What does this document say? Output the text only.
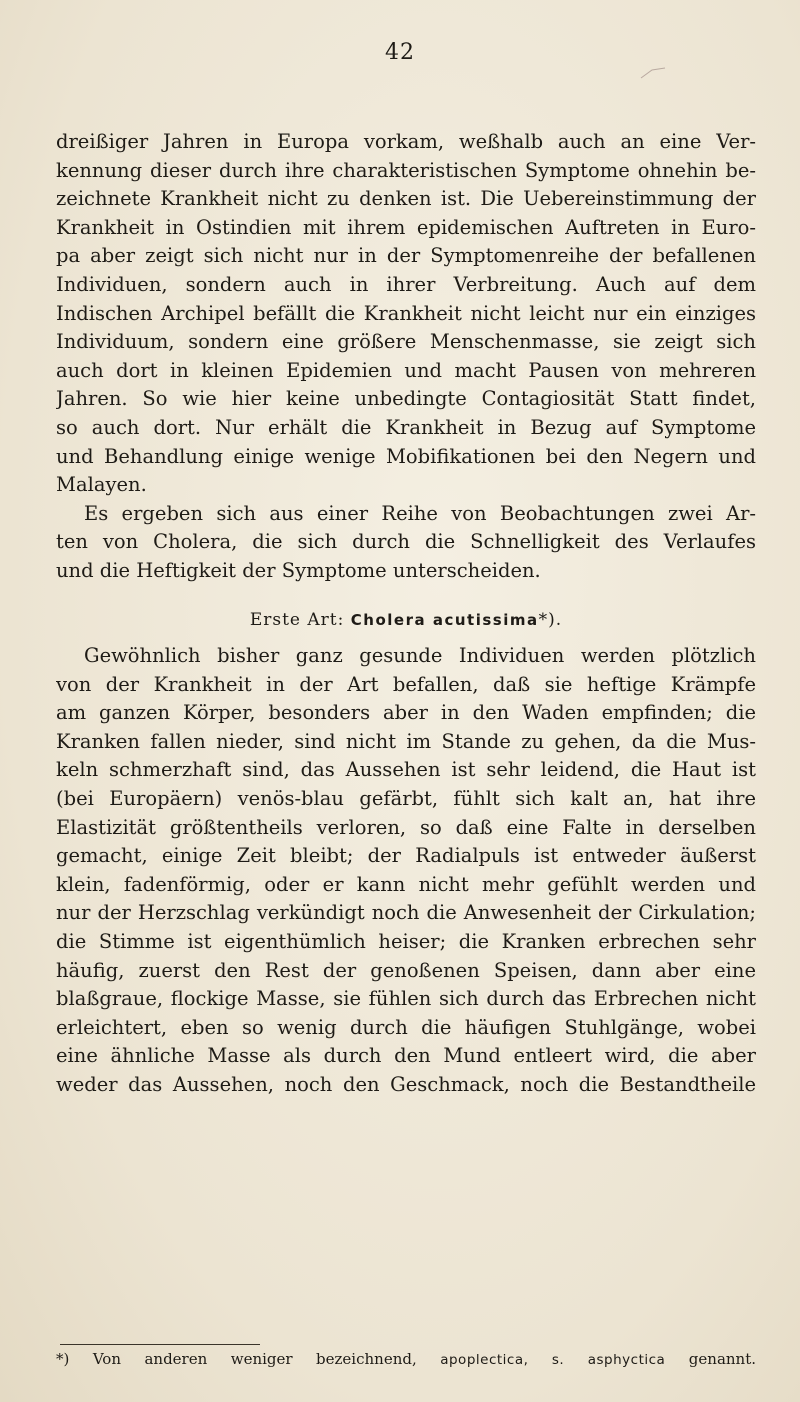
42
dreißiger Jahren in Europa vorkam, weßhalb auch an eine Ver-
kennung dieser durch ihre charakteristischen Symptome ohnehin be-
zeichnete Krankheit nicht zu denken ist. Die Uebereinstimmung der
Krankheit in Ostindien mit ihrem epidemischen Auftreten in Euro-
pa aber zeigt sich nicht nur in der Symptomenreihe der befallenen
Individuen, sondern auch in ihrer Verbreitung. Auch auf dem
Indischen Archipel befällt die Krankheit nicht leicht nur ein einziges
Individuum, sondern eine größere Menschenmasse, sie zeigt sich
auch dort in kleinen Epidemien und macht Pausen von mehreren
Jahren. So wie hier keine unbedingte Contagiosität Statt findet,
so auch dort. Nur erhält die Krankheit in Bezug auf Symptome
und Behandlung einige wenige Mobifikationen bei den Negern und
Malayen.
Es ergeben sich aus einer Reihe von Beobachtungen zwei Ar-
ten von Cholera, die sich durch die Schnelligkeit des Verlaufes
und die Heftigkeit der Symptome unterscheiden.
Erste Art: Cholera acutissima*).
Gewöhnlich bisher ganz gesunde Individuen werden plötzlich
von der Krankheit in der Art befallen, daß sie heftige Krämpfe
am ganzen Körper, besonders aber in den Waden empfinden; die
Kranken fallen nieder, sind nicht im Stande zu gehen, da die Mus-
keln schmerzhaft sind, das Aussehen ist sehr leidend, die Haut ist
(bei Europäern) venös-blau gefärbt, fühlt sich kalt an, hat ihre
Elastizität größtentheils verloren, so daß eine Falte in derselben
gemacht, einige Zeit bleibt; der Radialpuls ist entweder äußerst
klein, fadenförmig, oder er kann nicht mehr gefühlt werden und
nur der Herzschlag verkündigt noch die Anwesenheit der Cirkulation;
die Stimme ist eigenthümlich heiser; die Kranken erbrechen sehr
häufig, zuerst den Rest der genoßenen Speisen, dann aber eine
blaßgraue, flockige Masse, sie fühlen sich durch das Erbrechen nicht
erleichtert, eben so wenig durch die häufigen Stuhlgänge, wobei
eine ähnliche Masse als durch den Mund entleert wird, die aber
weder das Aussehen, noch den Geschmack, noch die Bestandtheile
*) Von anderen weniger bezeichnend, apoplectica, s. asphyctica genannt.
